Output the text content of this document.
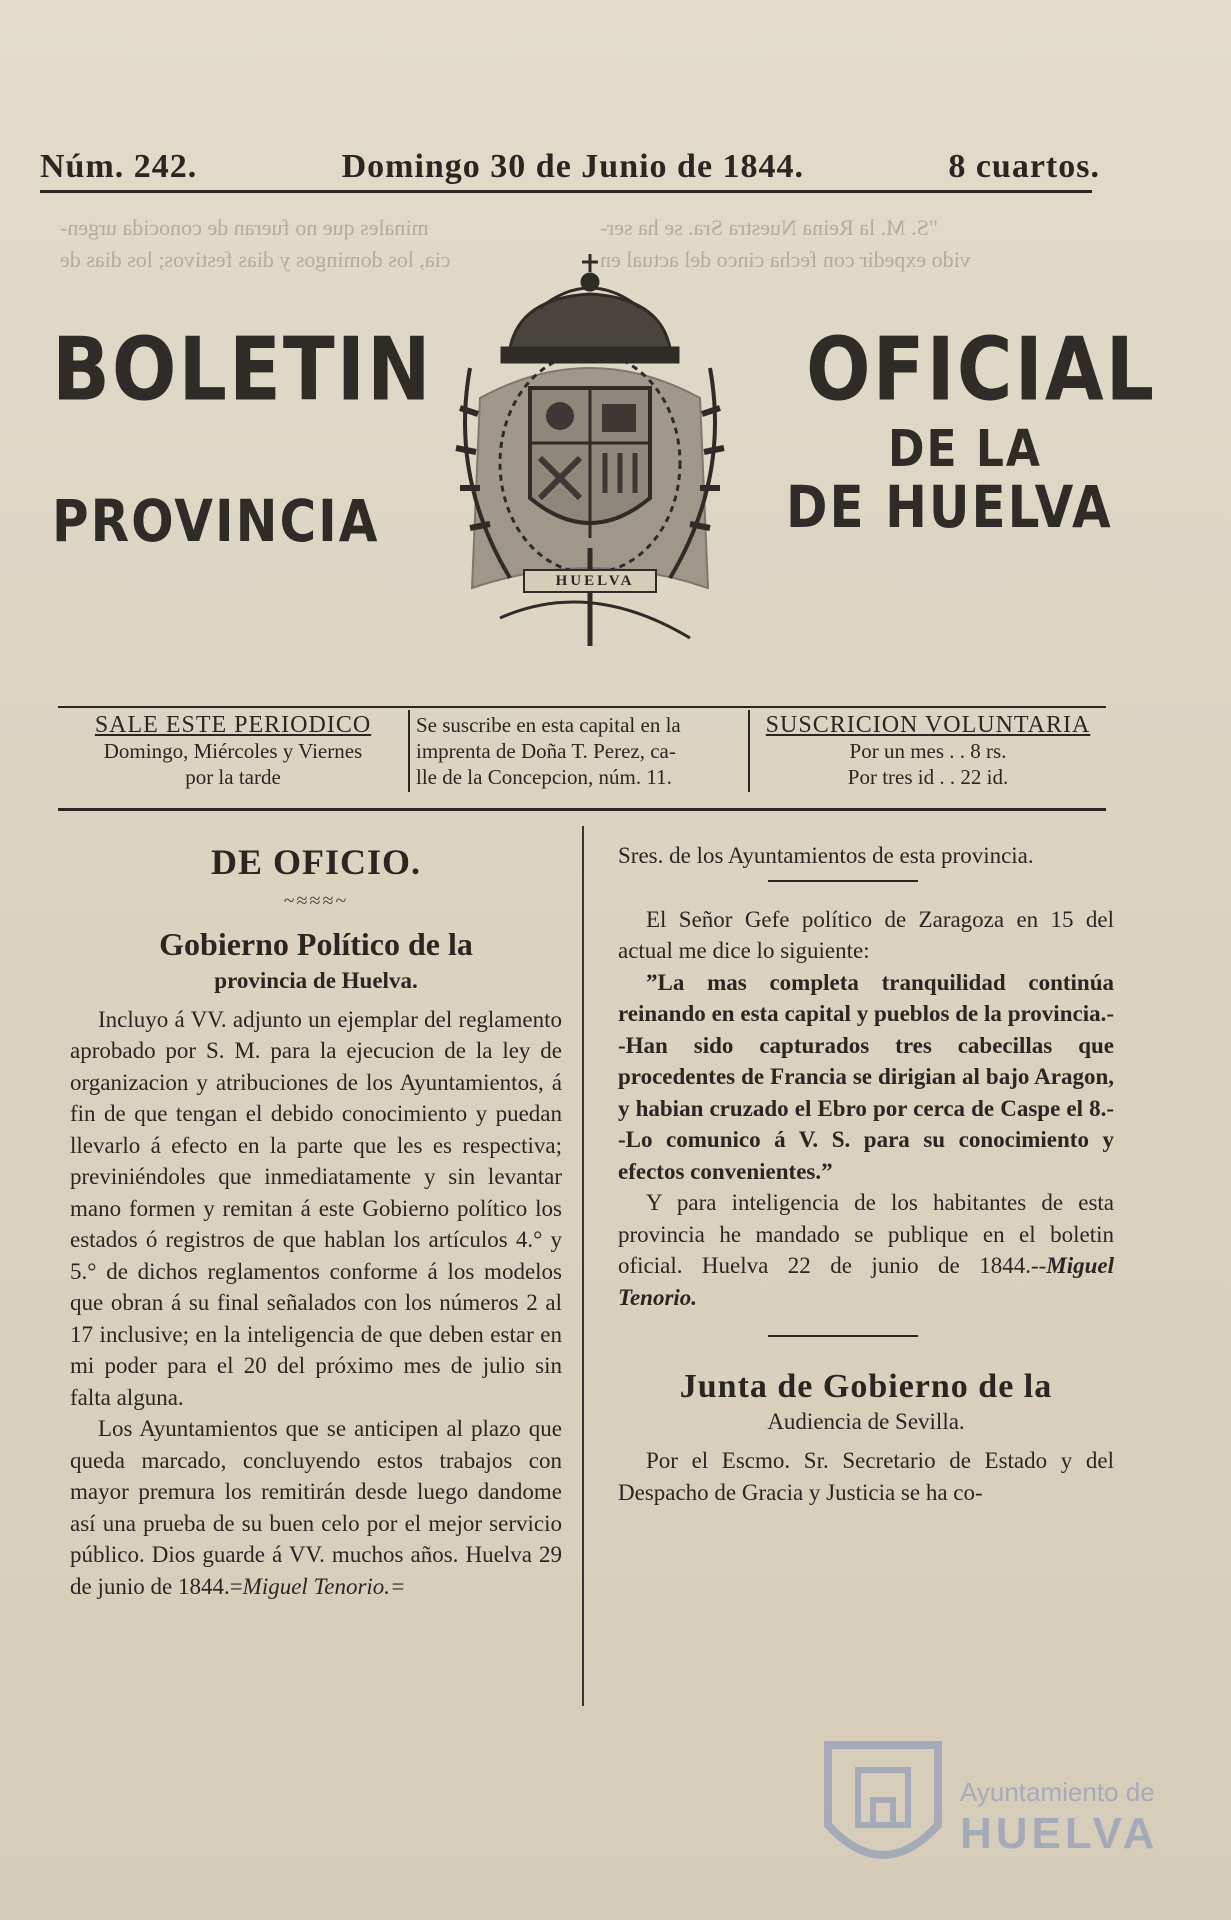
minales que no fueran de conocida urgen-	"S. M. la Reina Nuestra Sra. se ha ser-
cia, los domingos y dias festivos; los dias de	vido expedir con fecha cinco del actual en
Núm. 242.	Domingo 30 de Junio de 1844.	8 cuartos.
BOLETIN	OFICIAL
DE LA
PROVINCIA	DE HUELVA
HUELVA
SALE ESTE PERIODICO
Domingo, Miércoles y Viernes
por la tarde
Se suscribe en esta capital en la
imprenta de Doña T. Perez, ca-
lle de la Concepcion, núm. 11.
SUSCRICION VOLUNTARIA
Por un mes . . 8 rs.
Por tres id . . 22 id.
DE OFICIO.
~≈≈≈~
Gobierno Político de la
provincia de Huelva.

Incluyo á VV. adjunto un ejemplar del reglamento aprobado por S. M. para la ejecucion de la ley de organizacion y atribuciones de los Ayuntamientos, á fin de que tengan el debido conocimiento y puedan llevarlo á efecto en la parte que les es respectiva; previniéndoles que inmediatamente y sin levantar mano formen y remitan á este Gobierno político los estados ó registros de que hablan los artículos 4.° y 5.° de dichos reglamentos conforme á los modelos que obran á su final señalados con los números 2 al 17 inclusive; en la inteligencia de que deben estar en mi poder para el 20 del próximo mes de julio sin falta alguna.

Los Ayuntamientos que se anticipen al plazo que queda marcado, concluyendo estos trabajos con mayor premura los remitirán desde luego dandome así una prueba de su buen celo por el mejor servicio público. Dios guarde á VV. muchos años. Huelva 29 de junio de 1844.=Miguel Tenorio.=

Sres. de los Ayuntamientos de esta provincia.

El Señor Gefe político de Zaragoza en 15 del actual me dice lo siguiente:

”La mas completa tranquilidad continúa reinando en esta capital y pueblos de la provincia.--Han sido capturados tres cabecillas que procedentes de Francia se dirigian al bajo Aragon, y habian cruzado el Ebro por cerca de Caspe el 8.--Lo comunico á V. S. para su conocimiento y efectos convenientes.”

Y para inteligencia de los habitantes de esta provincia he mandado se publique en el boletin oficial. Huelva 22 de junio de 1844.--Miguel Tenorio.

Junta de Gobierno de la
Audiencia de Sevilla.

Por el Escmo. Sr. Secretario de Estado y del Despacho de Gracia y Justicia se ha co-

Ayuntamiento de
HUELVA
